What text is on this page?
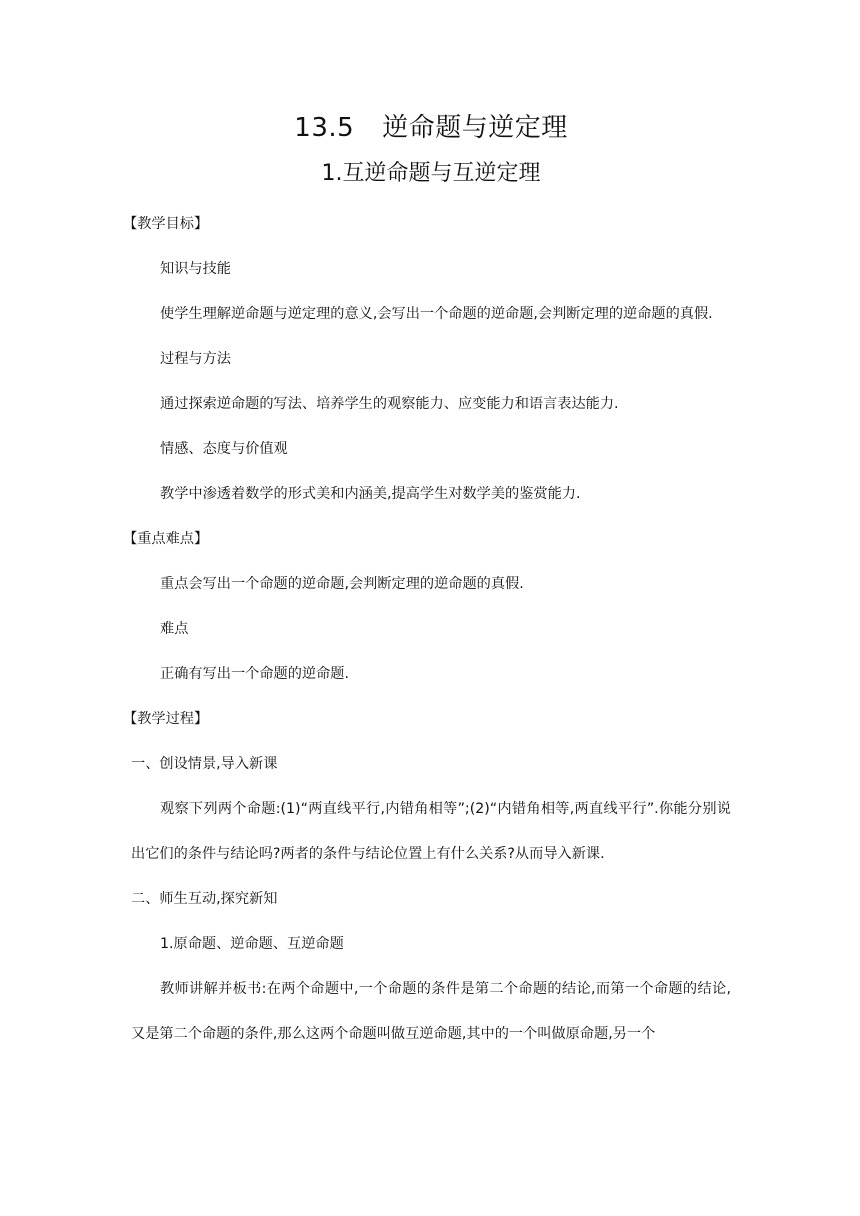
13.5 逆命题与逆定理
1.互逆命题与互逆定理

【教学目标】

知识与技能

使学生理解逆命题与逆定理的意义,会写出一个命题的逆命题,会判断定理的逆命题的真假.

过程与方法

通过探索逆命题的写法、培养学生的观察能力、应变能力和语言表达能力.

情感、态度与价值观

教学中渗透着数学的形式美和内涵美,提高学生对数学美的鉴赏能力.

【重点难点】

重点会写出一个命题的逆命题,会判断定理的逆命题的真假.

难点

正确有写出一个命题的逆命题.

【教学过程】

一、创设情景,导入新课

观察下列两个命题:(1)“两直线平行,内错角相等”;(2)“内错角相等,两直线平行”.你能分别说出它们的条件与结论吗?两者的条件与结论位置上有什么关系?从而导入新课.

二、师生互动,探究新知

1.原命题、逆命题、互逆命题

教师讲解并板书:在两个命题中,一个命题的条件是第二个命题的结论,而第一个命题的结论,又是第二个命题的条件,那么这两个命题叫做互逆命题,其中的一个叫做原命题,另一个
